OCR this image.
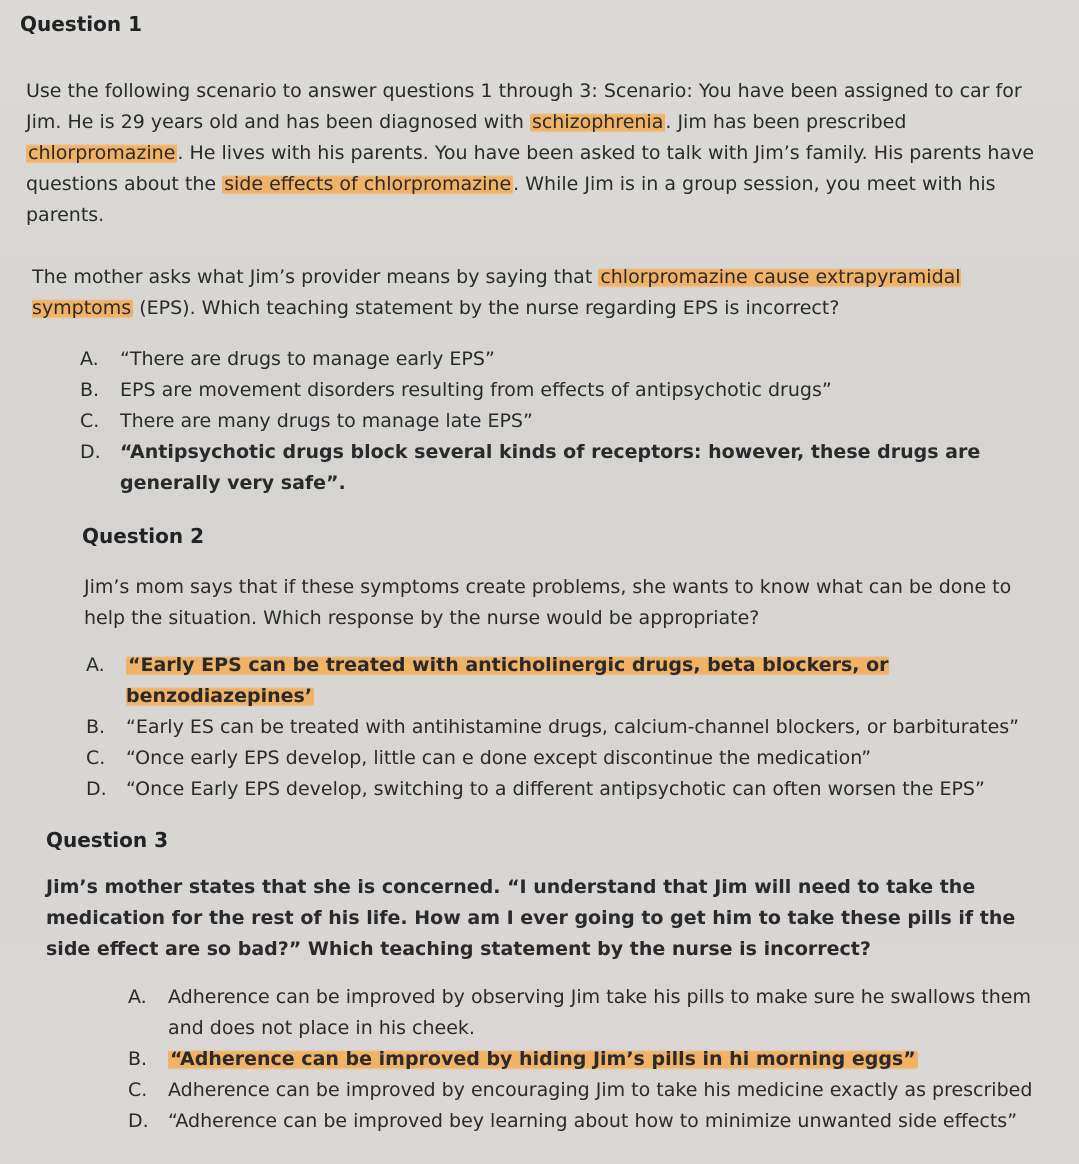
Question 1
Use the following scenario to answer questions 1 through 3: Scenario: You have been assigned to car for Jim. He is 29 years old and has been diagnosed with schizophrenia . Jim has been prescribed chlorpromazine . He lives with his parents. You have been asked to talk with Jim’s family. His parents have questions about the side effects of chlorpromazine . While Jim is in a group session, you meet with his parents.
The mother asks what Jim’s provider means by saying that chlorpromazine cause extrapyramidal symptoms (EPS). Which teaching statement by the nurse regarding EPS is incorrect?
A.	“There are drugs to manage early EPS”
B.	EPS are movement disorders resulting from effects of antipsychotic drugs”
C.	There are many drugs to manage late EPS”
D.	“Antipsychotic drugs block several kinds of receptors: however, these drugs are generally very safe”.
Question 2
Jim’s mom says that if these symptoms create problems, she wants to know what can be done to help the situation. Which response by the nurse would be appropriate?
A.	“Early EPS can be treated with anticholinergic drugs, beta blockers, or benzodiazepines’
B.	“Early ES can be treated with antihistamine drugs, calcium-channel blockers, or barbiturates”
C.	“Once early EPS develop, little can e done except discontinue the medication”
D.	“Once Early EPS develop, switching to a different antipsychotic can often worsen the EPS”
Question 3
Jim’s mother states that she is concerned. “I understand that Jim will need to take the medication for the rest of his life. How am I ever going to get him to take these pills if the side effect are so bad?” Which teaching statement by the nurse is incorrect?
A.	Adherence can be improved by observing Jim take his pills to make sure he swallows them and does not place in his cheek.
B.	“Adherence can be improved by hiding Jim’s pills in hi morning eggs”
C.	Adherence can be improved by encouraging Jim to take his medicine exactly as prescribed
D.	“Adherence can be improved bey learning about how to minimize unwanted side effects”
